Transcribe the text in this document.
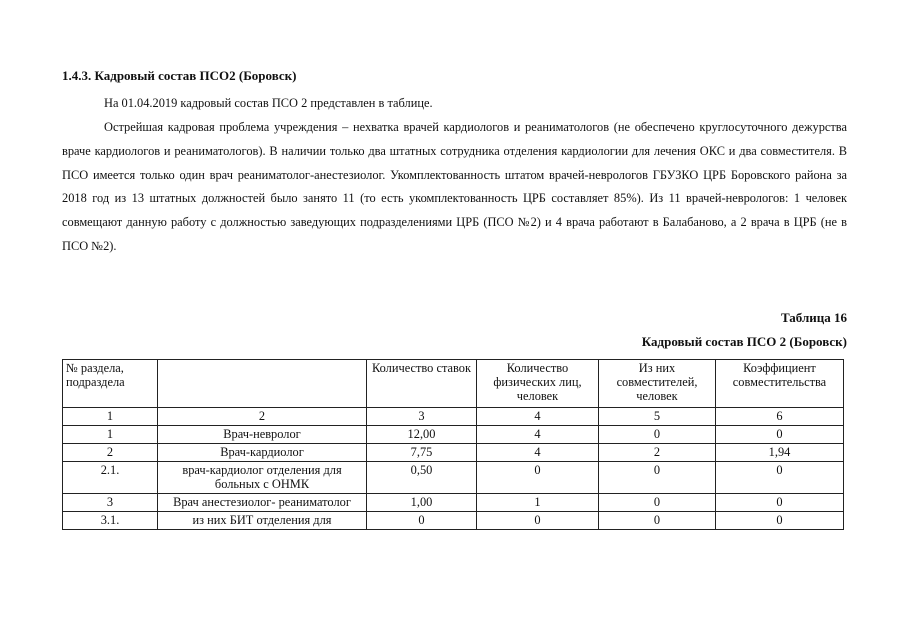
1.4.3. Кадровый состав ПСО2 (Боровск)
На 01.04.2019 кадровый состав ПСО 2 представлен в таблице.
Острейшая кадровая проблема учреждения – нехватка врачей кардиологов и реаниматологов (не обеспечено круглосуточного дежурства враче кардиологов и реаниматологов). В наличии только два штатных сотрудника отделения кардиологии для лечения ОКС и два совместителя. В ПСО имеется только один врач реаниматолог-анестезиолог. Укомплектованность штатом врачей-неврологов ГБУЗКО ЦРБ Боровского района за 2018 год из 13 штатных должностей было занято 11 (то есть укомплектованность ЦРБ составляет 85%). Из 11 врачей-неврологов: 1 человек совмещают данную работу с должностью заведующих подразделениями ЦРБ (ПСО №2) и 4 врача работают в Балабаново, а 2 врача в ЦРБ (не в ПСО №2).
Таблица 16
Кадровый состав ПСО 2 (Боровск)
№ раздела, подраздела		Количество ставок	Количество физических лиц, человек	Из них совместителей, человек	Коэффициент совместительства
1	2	3	4	5	6
1	Врач-невролог	12,00	4	0	0
2	Врач-кардиолог	7,75	4	2	1,94
2.1.	врач-кардиолог отделения для больных с ОНМК	0,50	0	0	0
3	Врач анестезиолог- реаниматолог	1,00	1	0	0
3.1.	из них БИТ отделения для	0	0	0	0
